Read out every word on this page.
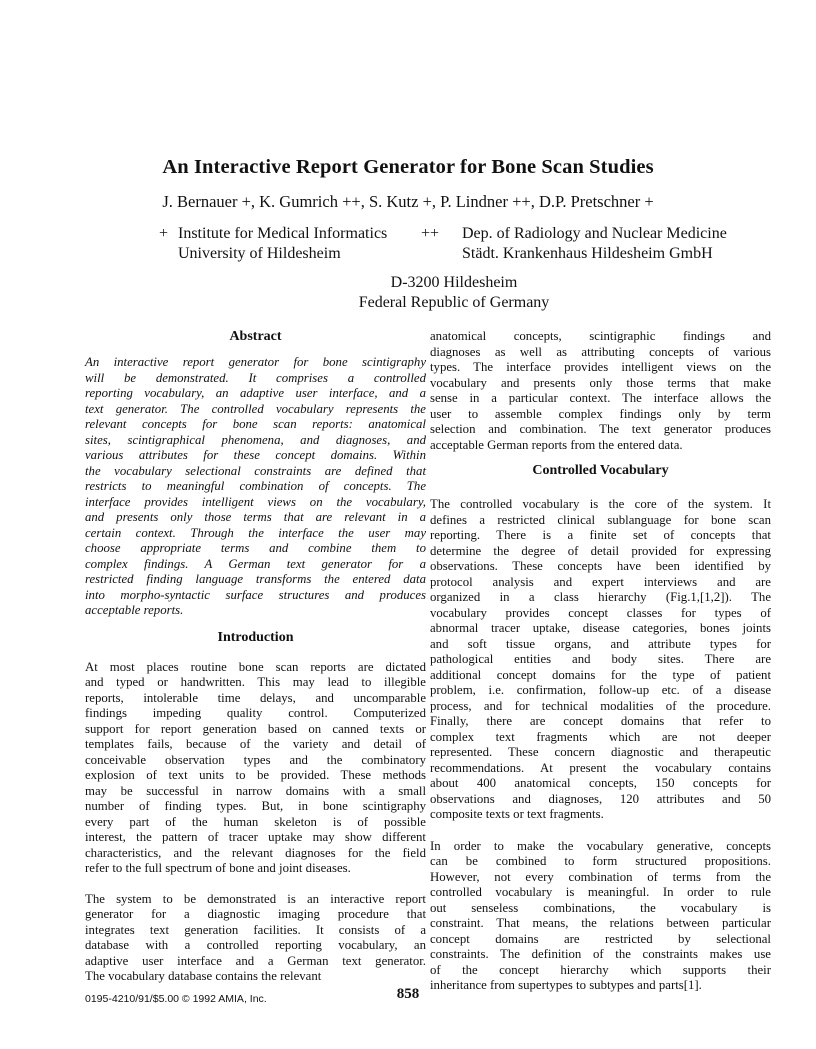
An Interactive Report Generator for Bone Scan Studies
J. Bernauer +, K. Gumrich ++, S. Kutz +, P. Lindner ++, D.P. Pretschner +
+ Institute for Medical Informatics
University of Hildesheim
++ Dep. of Radiology and Nuclear Medicine
Städt. Krankenhaus Hildesheim GmbH
D-3200 Hildesheim
Federal Republic of Germany
Abstract

An interactive report generator for bone scintigraphy
will be demonstrated. It comprises a controlled
reporting vocabulary, an adaptive user interface, and a
text generator. The controlled vocabulary represents the
relevant concepts for bone scan reports: anatomical
sites, scintigraphical phenomena, and diagnoses, and
various attributes for these concept domains. Within
the vocabulary selectional constraints are defined that
restricts to meaningful combination of concepts. The
interface provides intelligent views on the vocabulary,
and presents only those terms that are relevant in a
certain context. Through the interface the user may
choose appropriate terms and combine them to
complex findings. A German text generator for a
restricted finding language transforms the entered data
into morpho-syntactic surface structures and produces
acceptable reports.

Introduction

At most places routine bone scan reports are dictated
and typed or handwritten. This may lead to illegible
reports, intolerable time delays, and uncomparable
findings impeding quality control. Computerized
support for report generation based on canned texts or
templates fails, because of the variety and detail of
conceivable observation types and the combinatory
explosion of text units to be provided. These methods
may be successful in narrow domains with a small
number of finding types. But, in bone scintigraphy
every part of the human skeleton is of possible
interest, the pattern of tracer uptake may show different
characteristics, and the relevant diagnoses for the field
refer to the full spectrum of bone and joint diseases.

The system to be demonstrated is an interactive report
generator for a diagnostic imaging procedure that
integrates text generation facilities. It consists of a
database with a controlled reporting vocabulary, an
adaptive user interface and a German text generator.
The vocabulary database contains the relevant

anatomical concepts, scintigraphic findings and
diagnoses as well as attributing concepts of various
types. The interface provides intelligent views on the
vocabulary and presents only those terms that make
sense in a particular context. The interface allows the
user to assemble complex findings only by term
selection and combination. The text generator produces
acceptable German reports from the entered data.

Controlled Vocabulary

The controlled vocabulary is the core of the system. It
defines a restricted clinical sublanguage for bone scan
reporting. There is a finite set of concepts that
determine the degree of detail provided for expressing
observations. These concepts have been identified by
protocol analysis and expert interviews and are
organized in a class hierarchy (Fig.1,[1,2]). The
vocabulary provides concept classes for types of
abnormal tracer uptake, disease categories, bones joints
and soft tissue organs, and attribute types for
pathological entities and body sites. There are
additional concept domains for the type of patient
problem, i.e. confirmation, follow-up etc. of a disease
process, and for technical modalities of the procedure.
Finally, there are concept domains that refer to
complex text fragments which are not deeper
represented. These concern diagnostic and therapeutic
recommendations. At present the vocabulary contains
about 400 anatomical concepts, 150 concepts for
observations and diagnoses, 120 attributes and 50
composite texts or text fragments.

In order to make the vocabulary generative, concepts
can be combined to form structured propositions.
However, not every combination of terms from the
controlled vocabulary is meaningful. In order to rule
out senseless combinations, the vocabulary is
constraint. That means, the relations between particular
concept domains are restricted by selectional
constraints. The definition of the constraints makes use
of the concept hierarchy which supports their
inheritance from supertypes to subtypes and parts[1].

0195-4210/91/$5.00 © 1992 AMIA, Inc.	858
